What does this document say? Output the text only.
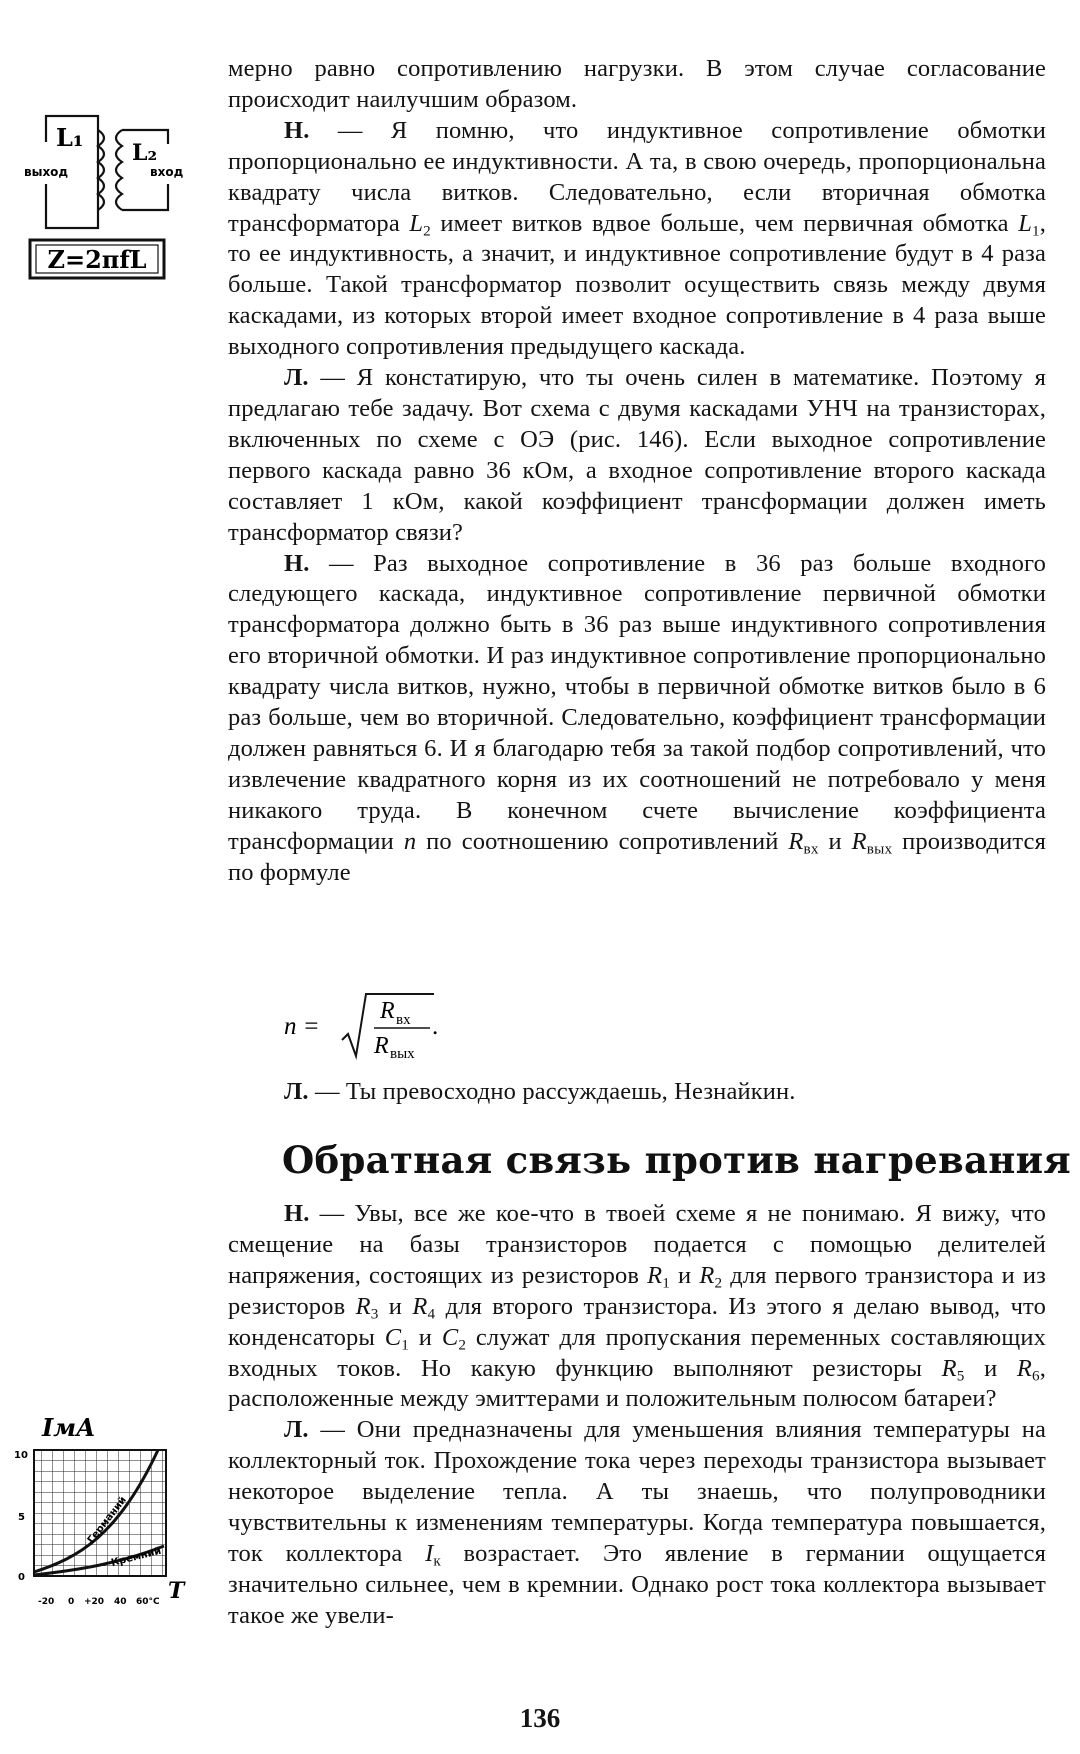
мерно равно сопротивлению нагрузки. В этом случае согласование происходит наилучшим образом.

Н. — Я помню, что индуктивное сопротивление обмотки пропорционально ее индуктивности. А та, в свою очередь, пропорциональна квадрату числа витков. Следовательно, если вторичная обмотка трансформатора $L_2$ имеет витков вдвое больше, чем первичная обмотка $L_1$, то ее индуктивность, а значит, и индуктивное сопротивление будут в 4 раза больше. Такой трансформатор позволит осуществить связь между двумя каскадами, из которых второй имеет входное сопротивление в 4 раза выше выходного сопротивления предыдущего каскада.

Л. — Я констатирую, что ты очень силен в математике. Поэтому я предлагаю тебе задачу. Вот схема с двумя каскадами УНЧ на транзисторах, включенных по схеме с ОЭ (рис. 146). Если выходное сопротивление первого каскада равно 36 кОм, а входное сопротивление второго каскада составляет 1 кОм, какой коэффициент трансформации должен иметь трансформатор связи?

Н. — Раз выходное сопротивление в 36 раз больше входного следующего каскада, индуктивное сопротивление первичной обмотки трансформатора должно быть в 36 раз выше индуктивного сопротивления его вторичной обмотки. И раз индуктивное сопротивление пропорционально квадрату числа витков, нужно, чтобы в первичной обмотке витков было в 6 раз больше, чем во вторичной. Следовательно, коэффициент трансформации должен равняться 6. И я благодарю тебя за такой подбор сопротивлений, что извлечение квадратного корня из их соотношений не потребовало у меня никакого труда. В конечном счете вычисление коэффициента трансформации n по соотношению сопротивлений $R_{вх}$ и $R_{вых}$ производится по формуле

n =
R вх
R вых
.

Л. — Ты превосходно рассуждаешь, Незнайкин.

Обратная связь против нагревания

Н. — Увы, все же кое-что в твоей схеме я не понимаю. Я вижу, что смещение на базы транзисторов подается с помощью делителей напряжения, состоящих из резисторов $R_1$ и $R_2$ для первого транзистора и из резисторов $R_3$ и $R_4$ для второго транзистора. Из этого я делаю вывод, что конденсаторы $C_1$ и $C_2$ служат для пропускания переменных составляющих входных токов. Но какую функцию выполняют резисторы $R_5$ и $R_6$, расположенные между эмиттерами и положительным полюсом батареи?

Л. — Они предназначены для уменьшения влияния температуры на коллекторный ток. Прохождение тока через переходы транзистора вызывает некоторое выделение тепла. А ты знаешь, что полупроводники чувствительны к изменениям температуры. Когда температура повышается, ток коллектора $I_к$ возрастает. Это явление в германии ощущается значительно сильнее, чем в кремнии. Однако рост тока коллектора вызывает такое же увели-

136
L₁
L₂
выход	вход
Z=2πfL
IмА
T
10
5
0
-20 0 +20 40 60°C
Германий
Кремний
